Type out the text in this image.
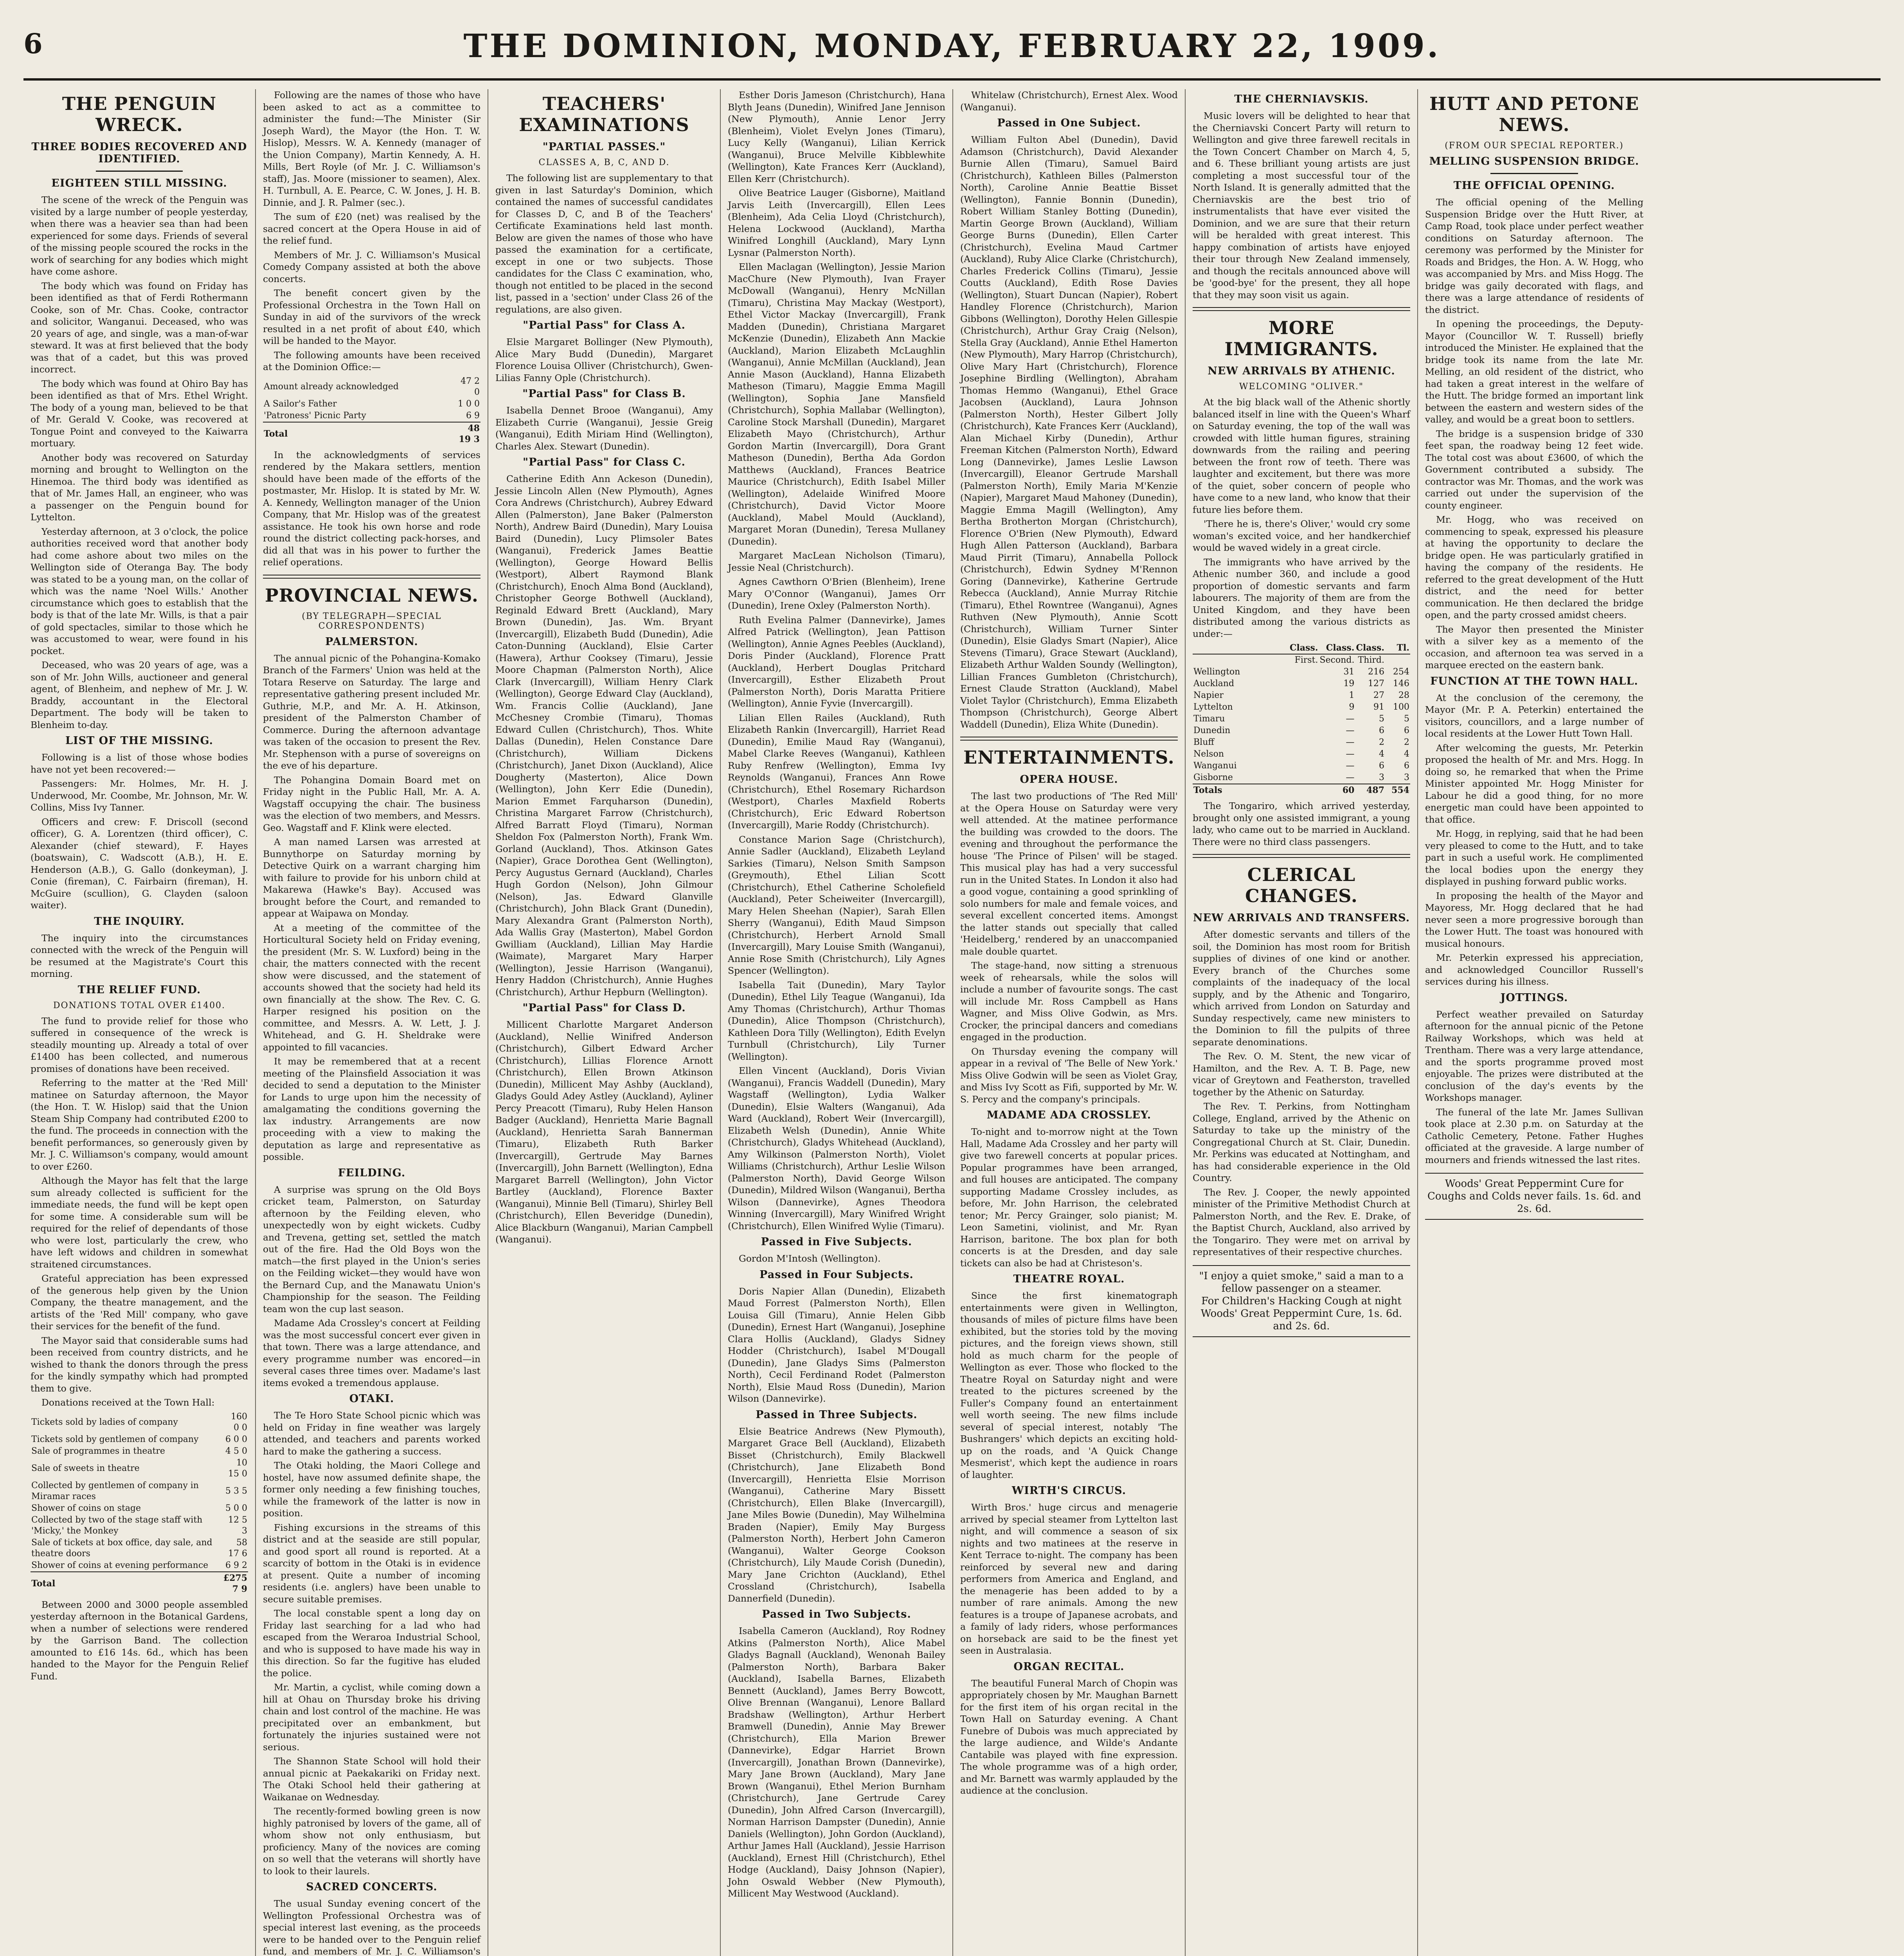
6	THE DOMINION, MONDAY, FEBRUARY 22, 1909.
THE PENGUIN WRECK.
THREE BODIES RECOVERED AND IDENTIFIED.
EIGHTEEN STILL MISSING.

The scene of the wreck of the Penguin was visited by a large number of people yesterday, when there was a heavier sea than had been experienced for some days. Friends of several of the missing people scoured the rocks in the work of searching for any bodies which might have come ashore.

The body which was found on Friday has been identified as that of Ferdi Rothermann Cooke, son of Mr. Chas. Cooke, contractor and solicitor, Wanganui. Deceased, who was 20 years of age, and single, was a man-of-war steward. It was at first believed that the body was that of a cadet, but this was proved incorrect.

The body which was found at Ohiro Bay has been identified as that of Mrs. Ethel Wright. The body of a young man, believed to be that of Mr. Gerald V. Cooke, was recovered at Tongue Point and conveyed to the Kaiwarra mortuary.

Another body was recovered on Saturday morning and brought to Wellington on the Hinemoa. The third body was identified as that of Mr. James Hall, an engineer, who was a passenger on the Penguin bound for Lyttelton.

Yesterday afternoon, at 3 o'clock, the police authorities received word that another body had come ashore about two miles on the Wellington side of Oteranga Bay. The body was stated to be a young man, on the collar of which was the name 'Noel Wills.' Another circumstance which goes to establish that the body is that of the late Mr. Wills, is that a pair of gold spectacles, similar to those which he was accustomed to wear, were found in his pocket.

Deceased, who was 20 years of age, was a son of Mr. John Wills, auctioneer and general agent, of Blenheim, and nephew of Mr. J. W. Braddy, accountant in the Electoral Department. The body will be taken to Blenheim to-day.

LIST OF THE MISSING.

Following is a list of those whose bodies have not yet been recovered:—

Passengers: Mr. Holmes, Mr. H. J. Underwood, Mr. Coombe, Mr. Johnson, Mr. W. Collins, Miss Ivy Tanner.

Officers and crew: F. Driscoll (second officer), G. A. Lorentzen (third officer), C. Alexander (chief steward), F. Hayes (boatswain), C. Wadscott (A.B.), H. E. Henderson (A.B.), G. Gallo (donkeyman), J. Conie (fireman), C. Fairbairn (fireman), H. McGuire (scullion), G. Clayden (saloon waiter).

THE INQUIRY.

The inquiry into the circumstances connected with the wreck of the Penguin will be resumed at the Magistrate's Court this morning.

THE RELIEF FUND.
DONATIONS TOTAL OVER £1400.

The fund to provide relief for those who suffered in consequence of the wreck is steadily mounting up. Already a total of over £1400 has been collected, and numerous promises of donations have been received.

Referring to the matter at the 'Red Mill' matinee on Saturday afternoon, the Mayor (the Hon. T. W. Hislop) said that the Union Steam Ship Company had contributed £200 to the fund. The proceeds in connection with the benefit performances, so generously given by Mr. J. C. Williamson's company, would amount to over £260.

Although the Mayor has felt that the large sum already collected is sufficient for the immediate needs, the fund will be kept open for some time. A considerable sum will be required for the relief of dependants of those who were lost, particularly the crew, who have left widows and children in somewhat straitened circumstances.

Grateful appreciation has been expressed of the generous help given by the Union Company, the theatre management, and the artists of the 'Red Mill' company, who gave their services for the benefit of the fund.

The Mayor said that considerable sums had been received from country districts, and he wished to thank the donors through the press for the kindly sympathy which had prompted them to give.

Donations received at the Town Hall:

Tickets sold by ladies of company	160 0 0
Tickets sold by gentlemen of company	6 0 0
Sale of programmes in theatre	4 5 0
Sale of sweets in theatre	10 15 0
Collected by gentlemen of company in Miramar races	5 3 5
Shower of coins on stage	5 0 0
Collected by two of the stage staff with 'Micky,' the Monkey	12 5 3
Sale of tickets at box office, day sale, and theatre doors	58 17 6
Shower of coins at evening performance	6 9 2
Total	£275 7 9

Between 2000 and 3000 people assembled yesterday afternoon in the Botanical Gardens, when a number of selections were rendered by the Garrison Band. The collection amounted to £16 14s. 6d., which has been handed to the Mayor for the Penguin Relief Fund.

Following are the names of those who have been asked to act as a committee to administer the fund:—The Minister (Sir Joseph Ward), the Mayor (the Hon. T. W. Hislop), Messrs. W. A. Kennedy (manager of the Union Company), Martin Kennedy, A. H. Mills, Bert Royle (of Mr. J. C. Williamson's staff), Jas. Moore (missioner to seamen), Alex. H. Turnbull, A. E. Pearce, C. W. Jones, J. H. B. Dinnie, and J. R. Palmer (sec.).

The sum of £20 (net) was realised by the sacred concert at the Opera House in aid of the relief fund.

Members of Mr. J. C. Williamson's Musical Comedy Company assisted at both the above concerts.

The benefit concert given by the Professional Orchestra in the Town Hall on Sunday in aid of the survivors of the wreck resulted in a net profit of about £40, which will be handed to the Mayor.

The following amounts have been received at the Dominion Office:—

Amount already acknowledged	47 2 0
A Sailor's Father	1 0 0
'Patroness' Picnic Party	6 9
Total	48 19 3

In the acknowledgments of services rendered by the Makara settlers, mention should have been made of the efforts of the postmaster, Mr. Hislop. It is stated by Mr. W. A. Kennedy, Wellington manager of the Union Company, that Mr. Hislop was of the greatest assistance. He took his own horse and rode round the district collecting pack-horses, and did all that was in his power to further the relief operations.

PROVINCIAL NEWS.
(BY TELEGRAPH—SPECIAL CORRESPONDENTS)
PALMERSTON.

The annual picnic of the Pohangina-Komako Branch of the Farmers' Union was held at the Totara Reserve on Saturday. The large and representative gathering present included Mr. Guthrie, M.P., and Mr. A. H. Atkinson, president of the Palmerston Chamber of Commerce. During the afternoon advantage was taken of the occasion to present the Rev. Mr. Stephenson with a purse of sovereigns on the eve of his departure.

The Pohangina Domain Board met on Friday night in the Public Hall, Mr. A. A. Wagstaff occupying the chair. The business was the election of two members, and Messrs. Geo. Wagstaff and F. Klink were elected.

A man named Larsen was arrested at Bunnythorpe on Saturday morning by Detective Quirk on a warrant charging him with failure to provide for his unborn child at Makarewa (Hawke's Bay). Accused was brought before the Court, and remanded to appear at Waipawa on Monday.

At a meeting of the committee of the Horticultural Society held on Friday evening, the president (Mr. S. W. Luxford) being in the chair, the matters connected with the recent show were discussed, and the statement of accounts showed that the society had held its own financially at the show. The Rev. C. G. Harper resigned his position on the committee, and Messrs. A. W. Lett, J. J. Whitehead, and G. H. Sheldrake were appointed to fill vacancies.

It may be remembered that at a recent meeting of the Plainsfield Association it was decided to send a deputation to the Minister for Lands to urge upon him the necessity of amalgamating the conditions governing the lax industry. Arrangements are now proceeding with a view to making the deputation as large and representative as possible.

FEILDING.

A surprise was sprung on the Old Boys cricket team, Palmerston, on Saturday afternoon by the Feilding eleven, who unexpectedly won by eight wickets. Cudby and Trevena, getting set, settled the match out of the fire. Had the Old Boys won the match—the first played in the Union's series on the Feilding wicket—they would have won the Bernard Cup, and the Manawatu Union's Championship for the season. The Feilding team won the cup last season.

Madame Ada Crossley's concert at Feilding was the most successful concert ever given in that town. There was a large attendance, and every programme number was encored—in several cases three times over. Madame's last items evoked a tremendous applause.

OTAKI.

The Te Horo State School picnic which was held on Friday in fine weather was largely attended, and teachers and parents worked hard to make the gathering a success.

The Otaki holding, the Maori College and hostel, have now assumed definite shape, the former only needing a few finishing touches, while the framework of the latter is now in position.

Fishing excursions in the streams of this district and at the seaside are still popular, and good sport all round is reported. At a scarcity of bottom in the Otaki is in evidence at present. Quite a number of incoming residents (i.e. anglers) have been unable to secure suitable premises.

The local constable spent a long day on Friday last searching for a lad who had escaped from the Weraroa Industrial School, and who is supposed to have made his way in this direction. So far the fugitive has eluded the police.

Mr. Martin, a cyclist, while coming down a hill at Ohau on Thursday broke his driving chain and lost control of the machine. He was precipitated over an embankment, but fortunately the injuries sustained were not serious.

The Shannon State School will hold their annual picnic at Paekakariki on Friday next. The Otaki School held their gathering at Waikanae on Wednesday.

The recently-formed bowling green is now highly patronised by lovers of the game, all of whom show not only enthusiasm, but proficiency. Many of the novices are coming on so well that the veterans will shortly have to look to their laurels.

SACRED CONCERTS.

The usual Sunday evening concert of the Wellington Professional Orchestra was of special interest last evening, as the proceeds were to be handed over to the Penguin relief fund, and members of Mr. J. C. Williamson's

TEACHERS' EXAMINATIONS
"PARTIAL PASSES."
CLASSES A, B, C, AND D.

The following list are supplementary to that given in last Saturday's Dominion, which contained the names of successful candidates for Classes D, C, and B of the Teachers' Certificate Examinations held last month. Below are given the names of those who have passed the examination for a certificate, except in one or two subjects. Those candidates for the Class C examination, who, though not entitled to be placed in the second list, passed in a 'section' under Class 26 of the regulations, are also given.

"Partial Pass" for Class A.

Elsie Margaret Bollinger (New Plymouth), Alice Mary Budd (Dunedin), Margaret Florence Louisa Olliver (Christchurch), Gwen-Lilias Fanny Ople (Christchurch).

"Partial Pass" for Class B.

Isabella Dennet Brooe (Wanganui), Amy Elizabeth Currie (Wanganui), Jessie Greig (Wanganui), Edith Miriam Hind (Wellington), Charles Alex. Stewart (Dunedin).

"Partial Pass" for Class C.

Catherine Edith Ann Ackeson (Dunedin), Jessie Lincoln Allen (New Plymouth), Agnes Cora Andrews (Christchurch), Aubrey Edward Allen (Palmerston), Jane Baker (Palmerston North), Andrew Baird (Dunedin), Mary Louisa Baird (Dunedin), Lucy Plimsoler Bates (Wanganui), Frederick James Beattie (Wellington), George Howard Bellis (Westport), Albert Raymond Blank (Christchurch), Enoch Alma Bond (Auckland), Christopher George Bothwell (Auckland), Reginald Edward Brett (Auckland), Mary Brown (Dunedin), Jas. Wm. Bryant (Invercargill), Elizabeth Budd (Dunedin), Adie Caton-Dunning (Auckland), Elsie Carter (Hawera), Arthur Cooksey (Timaru), Jessie Moore Chapman (Palmerston North), Alice Clark (Invercargill), William Henry Clark (Wellington), George Edward Clay (Auckland), Wm. Francis Collie (Auckland), Jane McChesney Crombie (Timaru), Thomas Edward Cullen (Christchurch), Thos. White Dallas (Dunedin), Helen Constance Dare (Christchurch), William Dickens (Christchurch), Janet Dixon (Auckland), Alice Dougherty (Masterton), Alice Down (Wellington), John Kerr Edie (Dunedin), Marion Emmet Farquharson (Dunedin), Christina Margaret Farrow (Christchurch), Alfred Barratt Floyd (Timaru), Norman Sheldon Fox (Palmerston North), Frank Wm. Gorland (Auckland), Thos. Atkinson Gates (Napier), Grace Dorothea Gent (Wellington), Percy Augustus Gernard (Auckland), Charles Hugh Gordon (Nelson), John Gilmour (Nelson), Jas. Edward Glanville (Christchurch), John Black Grant (Dunedin), Mary Alexandra Grant (Palmerston North), Ada Wallis Gray (Masterton), Mabel Gordon Gwilliam (Auckland), Lillian May Hardie (Waimate), Margaret Mary Harper (Wellington), Jessie Harrison (Wanganui), Henry Haddon (Christchurch), Annie Hughes (Christchurch), Arthur Hepburn (Wellington).

"Partial Pass" for Class D.

Millicent Charlotte Margaret Anderson (Auckland), Nellie Winifred Anderson (Christchurch), Gilbert Edward Archer (Christchurch), Lillias Florence Arnott (Christchurch), Ellen Brown Atkinson (Dunedin), Millicent May Ashby (Auckland), Gladys Gould Adey Astley (Auckland), Ayliner Percy Preacott (Timaru), Ruby Helen Hanson Badger (Auckland), Henrietta Marie Bagnall (Auckland), Henrietta Sarah Bannerman (Timaru), Elizabeth Ruth Barker (Invercargill), Gertrude May Barnes (Invercargill), John Barnett (Wellington), Edna Margaret Barrell (Wellington), John Victor Bartley (Auckland), Florence Baxter (Wanganui), Minnie Bell (Timaru), Shirley Bell (Christchurch), Ellen Beveridge (Dunedin), Alice Blackburn (Wanganui), Marian Campbell (Wanganui).

Esther Doris Jameson (Christchurch), Hana Blyth Jeans (Dunedin), Winifred Jane Jennison (New Plymouth), Annie Lenor Jerry (Blenheim), Violet Evelyn Jones (Timaru), Lucy Kelly (Wanganui), Lilian Kerrick (Wanganui), Bruce Melville Kibblewhite (Wellington), Kate Frances Kerr (Auckland), Ellen Kerr (Christchurch).

Olive Beatrice Lauger (Gisborne), Maitland Jarvis Leith (Invercargill), Ellen Lees (Blenheim), Ada Celia Lloyd (Christchurch), Helena Lockwood (Auckland), Martha Winifred Longhill (Auckland), Mary Lynn Lysnar (Palmerston North).

Ellen Maclagan (Wellington), Jessie Marion MacChure (New Plymouth), Ivan Frayer McDowall (Wanganui), Henry McNillan (Timaru), Christina May Mackay (Westport), Ethel Victor Mackay (Invercargill), Frank Madden (Dunedin), Christiana Margaret McKenzie (Dunedin), Elizabeth Ann Mackie (Auckland), Marion Elizabeth McLaughlin (Wanganui), Annie McMillan (Auckland), Jean Annie Mason (Auckland), Hanna Elizabeth Matheson (Timaru), Maggie Emma Magill (Wellington), Sophia Jane Mansfield (Christchurch), Sophia Mallabar (Wellington), Caroline Stock Marshall (Dunedin), Margaret Elizabeth Mayo (Christchurch), Arthur Gordon Martin (Invercargill), Dora Grant Matheson (Dunedin), Bertha Ada Gordon Matthews (Auckland), Frances Beatrice Maurice (Christchurch), Edith Isabel Miller (Wellington), Adelaide Winifred Moore (Christchurch), David Victor Moore (Auckland), Mabel Mould (Auckland), Margaret Moran (Dunedin), Teresa Mullaney (Dunedin).

Margaret MacLean Nicholson (Timaru), Jessie Neal (Christchurch).

Agnes Cawthorn O'Brien (Blenheim), Irene Mary O'Connor (Wanganui), James Orr (Dunedin), Irene Oxley (Palmerston North).

Ruth Evelina Palmer (Dannevirke), James Alfred Patrick (Wellington), Jean Pattison (Wellington), Annie Agnes Peebles (Auckland), Doris Pinder (Auckland), Florence Pratt (Auckland), Herbert Douglas Pritchard (Invercargill), Esther Elizabeth Prout (Palmerston North), Doris Maratta Pritiere (Wellington), Annie Fyvie (Invercargill).

Lilian Ellen Railes (Auckland), Ruth Elizabeth Rankin (Invercargill), Harriet Read (Dunedin), Emilie Maud Ray (Wanganui), Mabel Clarke Reeves (Wanganui), Kathleen Ruby Renfrew (Wellington), Emma Ivy Reynolds (Wanganui), Frances Ann Rowe (Christchurch), Ethel Rosemary Richardson (Westport), Charles Maxfield Roberts (Christchurch), Eric Edward Robertson (Invercargill), Marie Roddy (Christchurch).

Constance Marion Sage (Christchurch), Annie Sadler (Auckland), Elizabeth Leyland Sarkies (Timaru), Nelson Smith Sampson (Greymouth), Ethel Lilian Scott (Christchurch), Ethel Catherine Scholefield (Auckland), Peter Scheiweiter (Invercargill), Mary Helen Sheehan (Napier), Sarah Ellen Sherry (Wanganui), Edith Maud Simpson (Christchurch), Herbert Arnold Small (Invercargill), Mary Louise Smith (Wanganui), Annie Rose Smith (Christchurch), Lily Agnes Spencer (Wellington).

Isabella Tait (Dunedin), Mary Taylor (Dunedin), Ethel Lily Teague (Wanganui), Ida Amy Thomas (Christchurch), Arthur Thomas (Dunedin), Alice Thompson (Christchurch), Kathleen Dora Tilly (Wellington), Edith Evelyn Turnbull (Christchurch), Lily Turner (Wellington).

Ellen Vincent (Auckland), Doris Vivian (Wanganui), Francis Waddell (Dunedin), Mary Wagstaff (Wellington), Lydia Walker (Dunedin), Elsie Walters (Wanganui), Ada Ward (Auckland), Robert Weir (Invercargill), Elizabeth Welsh (Dunedin), Annie White (Christchurch), Gladys Whitehead (Auckland), Amy Wilkinson (Palmerston North), Violet Williams (Christchurch), Arthur Leslie Wilson (Palmerston North), David George Wilson (Dunedin), Mildred Wilson (Wanganui), Bertha Wilson (Dannevirke), Agnes Theodora Winning (Invercargill), Mary Winifred Wright (Christchurch), Ellen Winifred Wylie (Timaru).

Passed in Five Subjects.

Gordon M'Intosh (Wellington).

Passed in Four Subjects.

Doris Napier Allan (Dunedin), Elizabeth Maud Forrest (Palmerston North), Ellen Louisa Gill (Timaru), Annie Helen Gibb (Dunedin), Ernest Hart (Wanganui), Josephine Clara Hollis (Auckland), Gladys Sidney Hodder (Christchurch), Isabel M'Dougall (Dunedin), Jane Gladys Sims (Palmerston North), Cecil Ferdinand Rodet (Palmerston North), Elsie Maud Ross (Dunedin), Marion Wilson (Dannevirke).

Passed in Three Subjects.

Elsie Beatrice Andrews (New Plymouth), Margaret Grace Bell (Auckland), Elizabeth Bisset (Christchurch), Emily Blackwell (Christchurch), Jane Elizabeth Bond (Invercargill), Henrietta Elsie Morrison (Wanganui), Catherine Mary Bissett (Christchurch), Ellen Blake (Invercargill), Jane Miles Bowie (Dunedin), May Wilhelmina Braden (Napier), Emily May Burgess (Palmerston North), Herbert John Cameron (Wanganui), Walter George Cookson (Christchurch), Lily Maude Corish (Dunedin), Mary Jane Crichton (Auckland), Ethel Crossland (Christchurch), Isabella Dannerfield (Dunedin).

Passed in Two Subjects.

Isabella Cameron (Auckland), Roy Rodney Atkins (Palmerston North), Alice Mabel Gladys Bagnall (Auckland), Wenonah Bailey (Palmerston North), Barbara Baker (Auckland), Isabella Barnes, Elizabeth Bennett (Auckland), James Berry Bowcott, Olive Brennan (Wanganui), Lenore Ballard Bradshaw (Wellington), Arthur Herbert Bramwell (Dunedin), Annie May Brewer (Christchurch), Ella Marion Brewer (Dannevirke), Edgar Harriet Brown (Invercargill), Jonathan Brown (Dannevirke), Mary Jane Brown (Auckland), Mary Jane Brown (Wanganui), Ethel Merion Burnham (Christchurch), Jane Gertrude Carey (Dunedin), John Alfred Carson (Invercargill), Norman Harrison Dampster (Dunedin), Annie Daniels (Wellington), John Gordon (Auckland), Arthur James Hall (Auckland), Jessie Harrison (Auckland), Ernest Hill (Christchurch), Ethel Hodge (Auckland), Daisy Johnson (Napier), John Oswald Webber (New Plymouth), Millicent May Westwood (Auckland).

Whitelaw (Christchurch), Ernest Alex. Wood (Wanganui).

Passed in One Subject.

William Fulton Abel (Dunedin), David Adamson (Christchurch), David Alexander Burnie Allen (Timaru), Samuel Baird (Christchurch), Kathleen Billes (Palmerston North), Caroline Annie Beattie Bisset (Wellington), Fannie Bonnin (Dunedin), Robert William Stanley Botting (Dunedin), Martin George Brown (Auckland), William George Burns (Dunedin), Ellen Carter (Christchurch), Evelina Maud Cartmer (Auckland), Ruby Alice Clarke (Christchurch), Charles Frederick Collins (Timaru), Jessie Coutts (Auckland), Edith Rose Davies (Wellington), Stuart Duncan (Napier), Robert Handley Florence (Christchurch), Marion Gibbons (Wellington), Dorothy Helen Gillespie (Christchurch), Arthur Gray Craig (Nelson), Stella Gray (Auckland), Annie Ethel Hamerton (New Plymouth), Mary Harrop (Christchurch), Olive Mary Hart (Christchurch), Florence Josephine Birdling (Wellington), Abraham Thomas Hemmo (Wanganui), Ethel Grace Jacobsen (Auckland), Laura Johnson (Palmerston North), Hester Gilbert Jolly (Christchurch), Kate Frances Kerr (Auckland), Alan Michael Kirby (Dunedin), Arthur Freeman Kitchen (Palmerston North), Edward Long (Dannevirke), James Leslie Lawson (Invercargill), Eleanor Gertrude Marshall (Palmerston North), Emily Maria M'Kenzie (Napier), Margaret Maud Mahoney (Dunedin), Maggie Emma Magill (Wellington), Amy Bertha Brotherton Morgan (Christchurch), Florence O'Brien (New Plymouth), Edward Hugh Allen Patterson (Auckland), Barbara Maud Pirrit (Timaru), Annabella Pollock (Christchurch), Edwin Sydney M'Rennon Goring (Dannevirke), Katherine Gertrude Rebecca (Auckland), Annie Murray Ritchie (Timaru), Ethel Rowntree (Wanganui), Agnes Ruthven (New Plymouth), Annie Scott (Christchurch), William Turner Sinter (Dunedin), Elsie Gladys Smart (Napier), Alice Stevens (Timaru), Grace Stewart (Auckland), Elizabeth Arthur Walden Soundy (Wellington), Lillian Frances Gumbleton (Christchurch), Ernest Claude Stratton (Auckland), Mabel Violet Taylor (Christchurch), Emma Elizabeth Thompson (Christchurch), George Albert Waddell (Dunedin), Eliza White (Dunedin).

ENTERTAINMENTS.
OPERA HOUSE.

The last two productions of 'The Red Mill' at the Opera House on Saturday were very well attended. At the matinee performance the building was crowded to the doors. The evening and throughout the performance the house 'The Prince of Pilsen' will be staged. This musical play has had a very successful run in the United States. In London it also had a good vogue, containing a good sprinkling of solo numbers for male and female voices, and several excellent concerted items. Amongst the latter stands out specially that called 'Heidelberg,' rendered by an unaccompanied male double quartet.

The stage-hand, now sitting a strenuous week of rehearsals, while the solos will include a number of favourite songs. The cast will include Mr. Ross Campbell as Hans Wagner, and Miss Olive Godwin, as Mrs. Crocker, the principal dancers and comedians engaged in the production.

On Thursday evening the company will appear in a revival of 'The Belle of New York.' Miss Olive Godwin will be seen as Violet Gray, and Miss Ivy Scott as Fifi, supported by Mr. W. S. Percy and the company's principals.

MADAME ADA CROSSLEY.

To-night and to-morrow night at the Town Hall, Madame Ada Crossley and her party will give two farewell concerts at popular prices. Popular programmes have been arranged, and full houses are anticipated. The company supporting Madame Crossley includes, as before, Mr. John Harrison, the celebrated tenor; Mr. Percy Grainger, solo pianist; M. Leon Sametini, violinist, and Mr. Ryan Harrison, baritone. The box plan for both concerts is at the Dresden, and day sale tickets can also be had at Christeson's.

THEATRE ROYAL.

Since the first kinematograph entertainments were given in Wellington, thousands of miles of picture films have been exhibited, but the stories told by the moving pictures, and the foreign views shown, still hold as much charm for the people of Wellington as ever. Those who flocked to the Theatre Royal on Saturday night and were treated to the pictures screened by the Fuller's Company found an entertainment well worth seeing. The new films include several of special interest, notably 'The Bushrangers' which depicts an exciting hold-up on the roads, and 'A Quick Change Mesmerist', which kept the audience in roars of laughter.

WIRTH'S CIRCUS.

Wirth Bros.' huge circus and menagerie arrived by special steamer from Lyttelton last night, and will commence a season of six nights and two matinees at the reserve in Kent Terrace to-night. The company has been reinforced by several new and daring performers from America and England, and the menagerie has been added to by a number of rare animals. Among the new features is a troupe of Japanese acrobats, and a family of lady riders, whose performances on horseback are said to be the finest yet seen in Australasia.

ORGAN RECITAL.

The beautiful Funeral March of Chopin was appropriately chosen by Mr. Maughan Barnett for the first item of his organ recital in the Town Hall on Saturday evening. A Chant Funebre of Dubois was much appreciated by the large audience, and Wilde's Andante Cantabile was played with fine expression. The whole programme was of a high order, and Mr. Barnett was warmly applauded by the audience at the conclusion.

THE CHERNIAVSKIS.

Music lovers will be delighted to hear that the Cherniavski Concert Party will return to Wellington and give three farewell recitals in the Town Concert Chamber on March 4, 5, and 6. These brilliant young artists are just completing a most successful tour of the North Island. It is generally admitted that the Cherniavskis are the best trio of instrumentalists that have ever visited the Dominion, and we are sure that their return will be heralded with great interest. This happy combination of artists have enjoyed their tour through New Zealand immensely, and though the recitals announced above will be 'good-bye' for the present, they all hope that they may soon visit us again.

MORE IMMIGRANTS.
NEW ARRIVALS BY ATHENIC.
WELCOMING "OLIVER."

At the big black wall of the Athenic shortly balanced itself in line with the Queen's Wharf on Saturday evening, the top of the wall was crowded with little human figures, straining downwards from the railing and peering between the front row of teeth. There was laughter and excitement, but there was more of the quiet, sober concern of people who have come to a new land, who know that their future lies before them.

'There he is, there's Oliver,' would cry some woman's excited voice, and her handkerchief would be waved widely in a great circle.

The immigrants who have arrived by the Athenic number 360, and include a good proportion of domestic servants and farm labourers. The majority of them are from the United Kingdom, and they have been distributed among the various districts as under:—

	Class.	Class.	Class.	Tl.
	First.	Second.	Third.	
Wellington		31	216	254
Auckland		19	127	146
Napier		1	27	28
Lyttelton		9	91	100
Timaru		—	5	5
Dunedin		—	6	6
Bluff		—	2	2
Nelson		—	4	4
Wanganui		—	6	6
Gisborne		—	3	3
Totals		60	487	554

The Tongariro, which arrived yesterday, brought only one assisted immigrant, a young lady, who came out to be married in Auckland. There were no third class passengers.

CLERICAL CHANGES.
NEW ARRIVALS AND TRANSFERS.

After domestic servants and tillers of the soil, the Dominion has most room for British supplies of divines of one kind or another. Every branch of the Churches some complaints of the inadequacy of the local supply, and by the Athenic and Tongariro, which arrived from London on Saturday and Sunday respectively, came new ministers to the Dominion to fill the pulpits of three separate denominations.

The Rev. O. M. Stent, the new vicar of Hamilton, and the Rev. A. T. B. Page, new vicar of Greytown and Featherston, travelled together by the Athenic on Saturday.

The Rev. T. Perkins, from Nottingham College, England, arrived by the Athenic on Saturday to take up the ministry of the Congregational Church at St. Clair, Dunedin. Mr. Perkins was educated at Nottingham, and has had considerable experience in the Old Country.

The Rev. J. Cooper, the newly appointed minister of the Primitive Methodist Church at Palmerston North, and the Rev. E. Drake, of the Baptist Church, Auckland, also arrived by the Tongariro. They were met on arrival by representatives of their respective churches.

"I enjoy a quiet smoke," said a man to a fellow passenger on a steamer.
For Children's Hacking Cough at night Woods' Great Peppermint Cure, 1s. 6d. and 2s. 6d.
HUTT AND PETONE NEWS.
(FROM OUR SPECIAL REPORTER.)
MELLING SUSPENSION BRIDGE.
THE OFFICIAL OPENING.

The official opening of the Melling Suspension Bridge over the Hutt River, at Camp Road, took place under perfect weather conditions on Saturday afternoon. The ceremony was performed by the Minister for Roads and Bridges, the Hon. A. W. Hogg, who was accompanied by Mrs. and Miss Hogg. The bridge was gaily decorated with flags, and there was a large attendance of residents of the district.

In opening the proceedings, the Deputy-Mayor (Councillor W. T. Russell) briefly introduced the Minister. He explained that the bridge took its name from the late Mr. Melling, an old resident of the district, who had taken a great interest in the welfare of the Hutt. The bridge formed an important link between the eastern and western sides of the valley, and would be a great boon to settlers.

The bridge is a suspension bridge of 330 feet span, the roadway being 12 feet wide. The total cost was about £3600, of which the Government contributed a subsidy. The contractor was Mr. Thomas, and the work was carried out under the supervision of the county engineer.

Mr. Hogg, who was received on commencing to speak, expressed his pleasure at having the opportunity to declare the bridge open. He was particularly gratified in having the company of the residents. He referred to the great development of the Hutt district, and the need for better communication. He then declared the bridge open, and the party crossed amidst cheers.

The Mayor then presented the Minister with a silver key as a memento of the occasion, and afternoon tea was served in a marquee erected on the eastern bank.

FUNCTION AT THE TOWN HALL.

At the conclusion of the ceremony, the Mayor (Mr. P. A. Peterkin) entertained the visitors, councillors, and a large number of local residents at the Lower Hutt Town Hall.

After welcoming the guests, Mr. Peterkin proposed the health of Mr. and Mrs. Hogg. In doing so, he remarked that when the Prime Minister appointed Mr. Hogg Minister for Labour he did a good thing, for no more energetic man could have been appointed to that office.

Mr. Hogg, in replying, said that he had been very pleased to come to the Hutt, and to take part in such a useful work. He complimented the local bodies upon the energy they displayed in pushing forward public works.

In proposing the health of the Mayor and Mayoress, Mr. Hogg declared that he had never seen a more progressive borough than the Lower Hutt. The toast was honoured with musical honours.

Mr. Peterkin expressed his appreciation, and acknowledged Councillor Russell's services during his illness.

JOTTINGS.

Perfect weather prevailed on Saturday afternoon for the annual picnic of the Petone Railway Workshops, which was held at Trentham. There was a very large attendance, and the sports programme proved most enjoyable. The prizes were distributed at the conclusion of the day's events by the Workshops manager.

The funeral of the late Mr. James Sullivan took place at 2.30 p.m. on Saturday at the Catholic Cemetery, Petone. Father Hughes officiated at the graveside. A large number of mourners and friends witnessed the last rites.

Woods' Great Peppermint Cure for Coughs and Colds never fails. 1s. 6d. and 2s. 6d.
